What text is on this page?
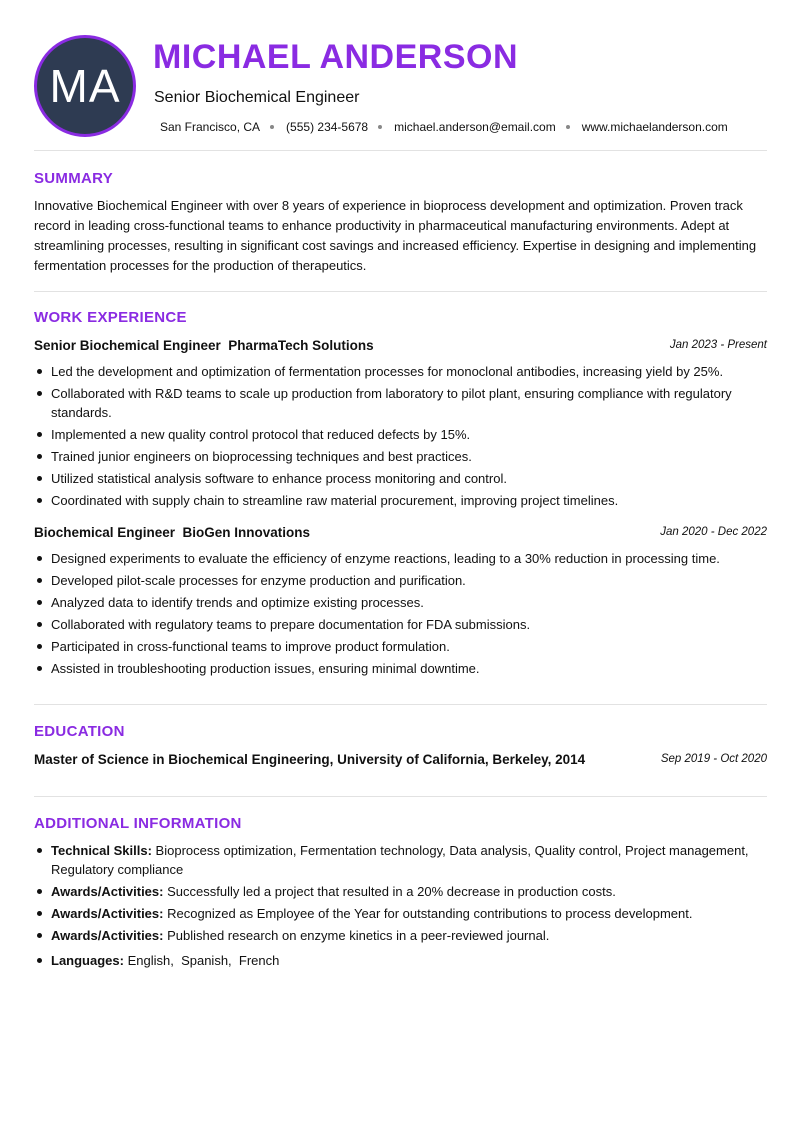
MA
MICHAEL ANDERSON
Senior Biochemical Engineer
San Francisco, CA (555) 234-5678 michael.anderson@email.com www.michaelanderson.com
SUMMARY
Innovative Biochemical Engineer with over 8 years of experience in bioprocess development and optimization. Proven track record in leading cross-functional teams to enhance productivity in pharmaceutical manufacturing environments. Adept at streamlining processes, resulting in significant cost savings and increased efficiency. Expertise in designing and implementing fermentation processes for the production of therapeutics.
WORK EXPERIENCE
Senior Biochemical Engineer  PharmaTech Solutions	Jan 2023 - Present
Led the development and optimization of fermentation processes for monoclonal antibodies, increasing yield by 25%.
Collaborated with R&D teams to scale up production from laboratory to pilot plant, ensuring compliance with regulatory standards.
Implemented a new quality control protocol that reduced defects by 15%.
Trained junior engineers on bioprocessing techniques and best practices.
Utilized statistical analysis software to enhance process monitoring and control.
Coordinated with supply chain to streamline raw material procurement, improving project timelines.
Biochemical Engineer  BioGen Innovations	Jan 2020 - Dec 2022
Designed experiments to evaluate the efficiency of enzyme reactions, leading to a 30% reduction in processing time.
Developed pilot-scale processes for enzyme production and purification.
Analyzed data to identify trends and optimize existing processes.
Collaborated with regulatory teams to prepare documentation for FDA submissions.
Participated in cross-functional teams to improve product formulation.
Assisted in troubleshooting production issues, ensuring minimal downtime.
EDUCATION
Master of Science in Biochemical Engineering, University of California, Berkeley, 2014	Sep 2019 - Oct 2020
ADDITIONAL INFORMATION
Technical Skills: Bioprocess optimization, Fermentation technology, Data analysis, Quality control, Project management, Regulatory compliance
Awards/Activities: Successfully led a project that resulted in a 20% decrease in production costs.
Awards/Activities: Recognized as Employee of the Year for outstanding contributions to process development.
Awards/Activities: Published research on enzyme kinetics in a peer-reviewed journal.
Languages: English,  Spanish,  French
